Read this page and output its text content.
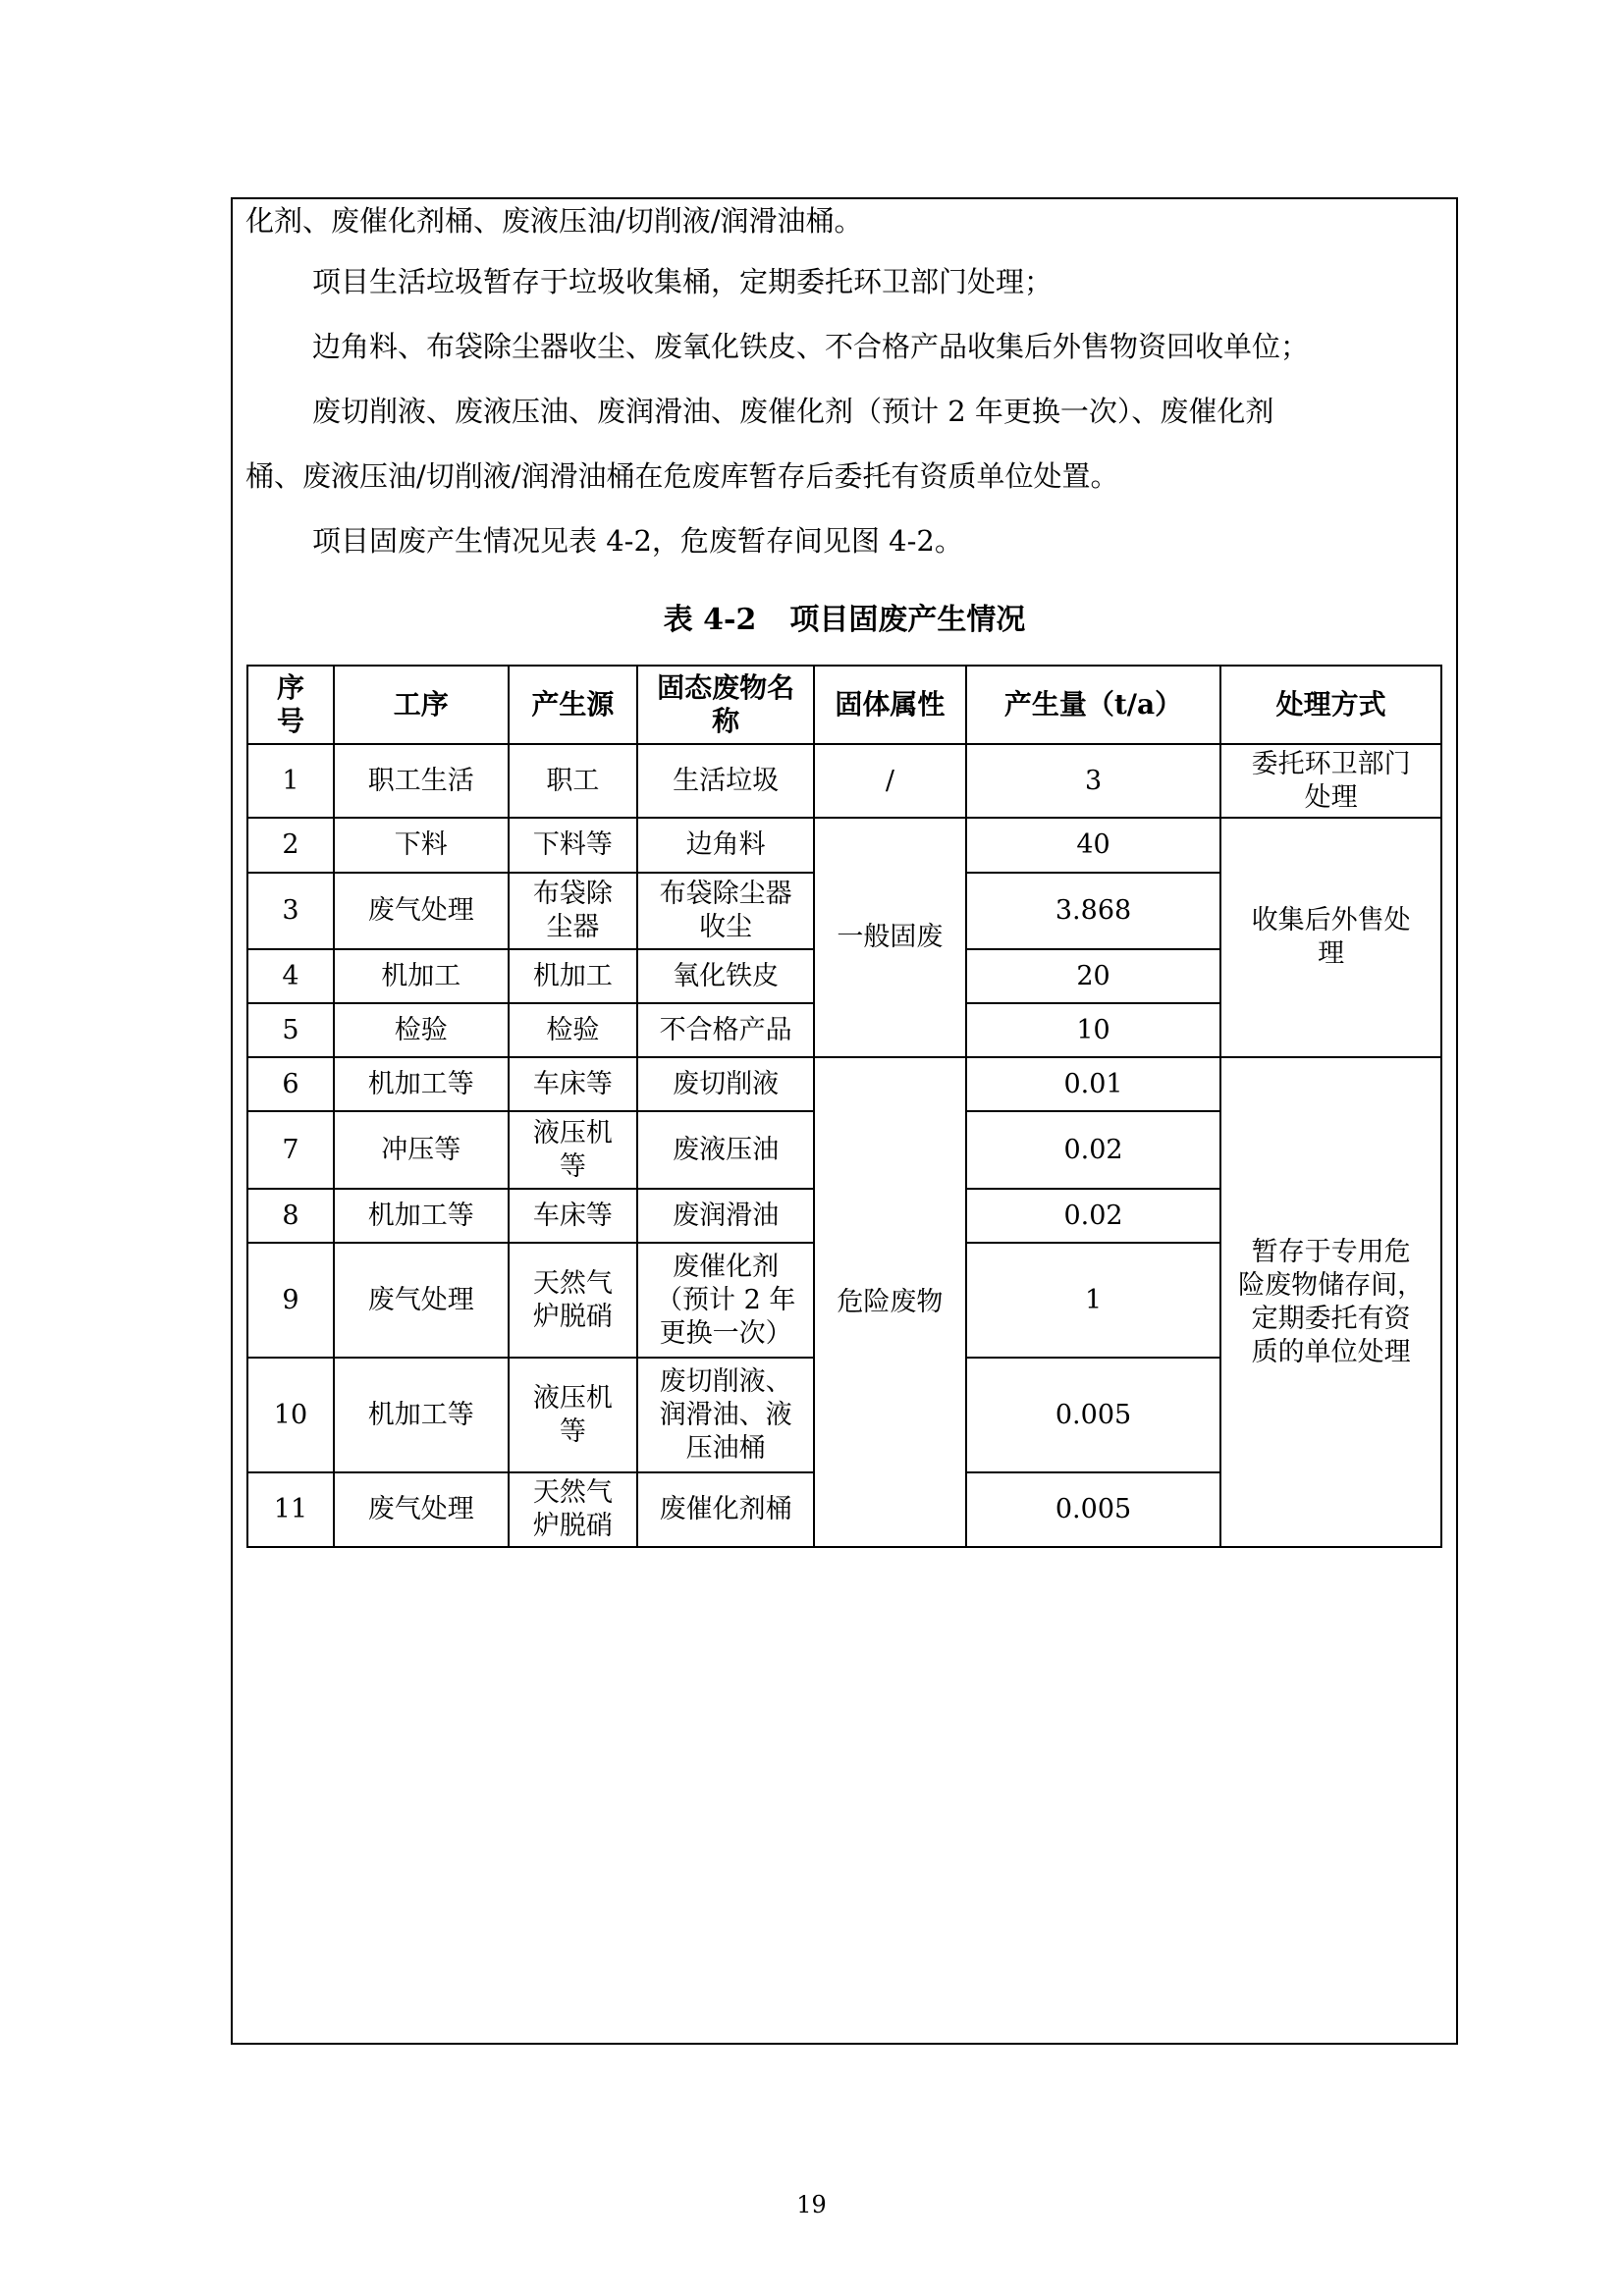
化剂、废催化剂桶、废液压油/切削液/润滑油桶。

项目生活垃圾暂存于垃圾收集桶，定期委托环卫部门处理；

边角料、布袋除尘器收尘、废氧化铁皮、不合格产品收集后外售物资回收单位；

废切削液、废液压油、废润滑油、废催化剂（预计 2 年更换一次）、废催化剂

桶、废液压油/切削液/润滑油桶在危废库暂存后委托有资质单位处置。

项目固废产生情况见表 4-2，危废暂存间见图 4-2。

表 4-2 项目固废产生情况
序
号	工序	产生源	固态废物名
称	固体属性	产生量（t/a）	处理方式
1	职工生活	职工	生活垃圾	/	3	委托环卫部门
处理
2	下料	下料等	边角料	一般固废	40	收集后外售处
理
3	废气处理	布袋除
尘器	布袋除尘器
收尘		3.868	
4	机加工	机加工	氧化铁皮		20	
5	检验	检验	不合格产品		10	
6	机加工等	车床等	废切削液	危险废物	0.01	暂存于专用危
险废物储存间，
定期委托有资
质的单位处理
7	冲压等	液压机
等	废液压油		0.02	
8	机加工等	车床等	废润滑油		0.02	
9	废气处理	天然气
炉脱硝	废催化剂
（预计 2 年
更换一次）		1	
10	机加工等	液压机
等	废切削液、
润滑油、液
压油桶		0.005	
11	废气处理	天然气
炉脱硝	废催化剂桶		0.005	
19
